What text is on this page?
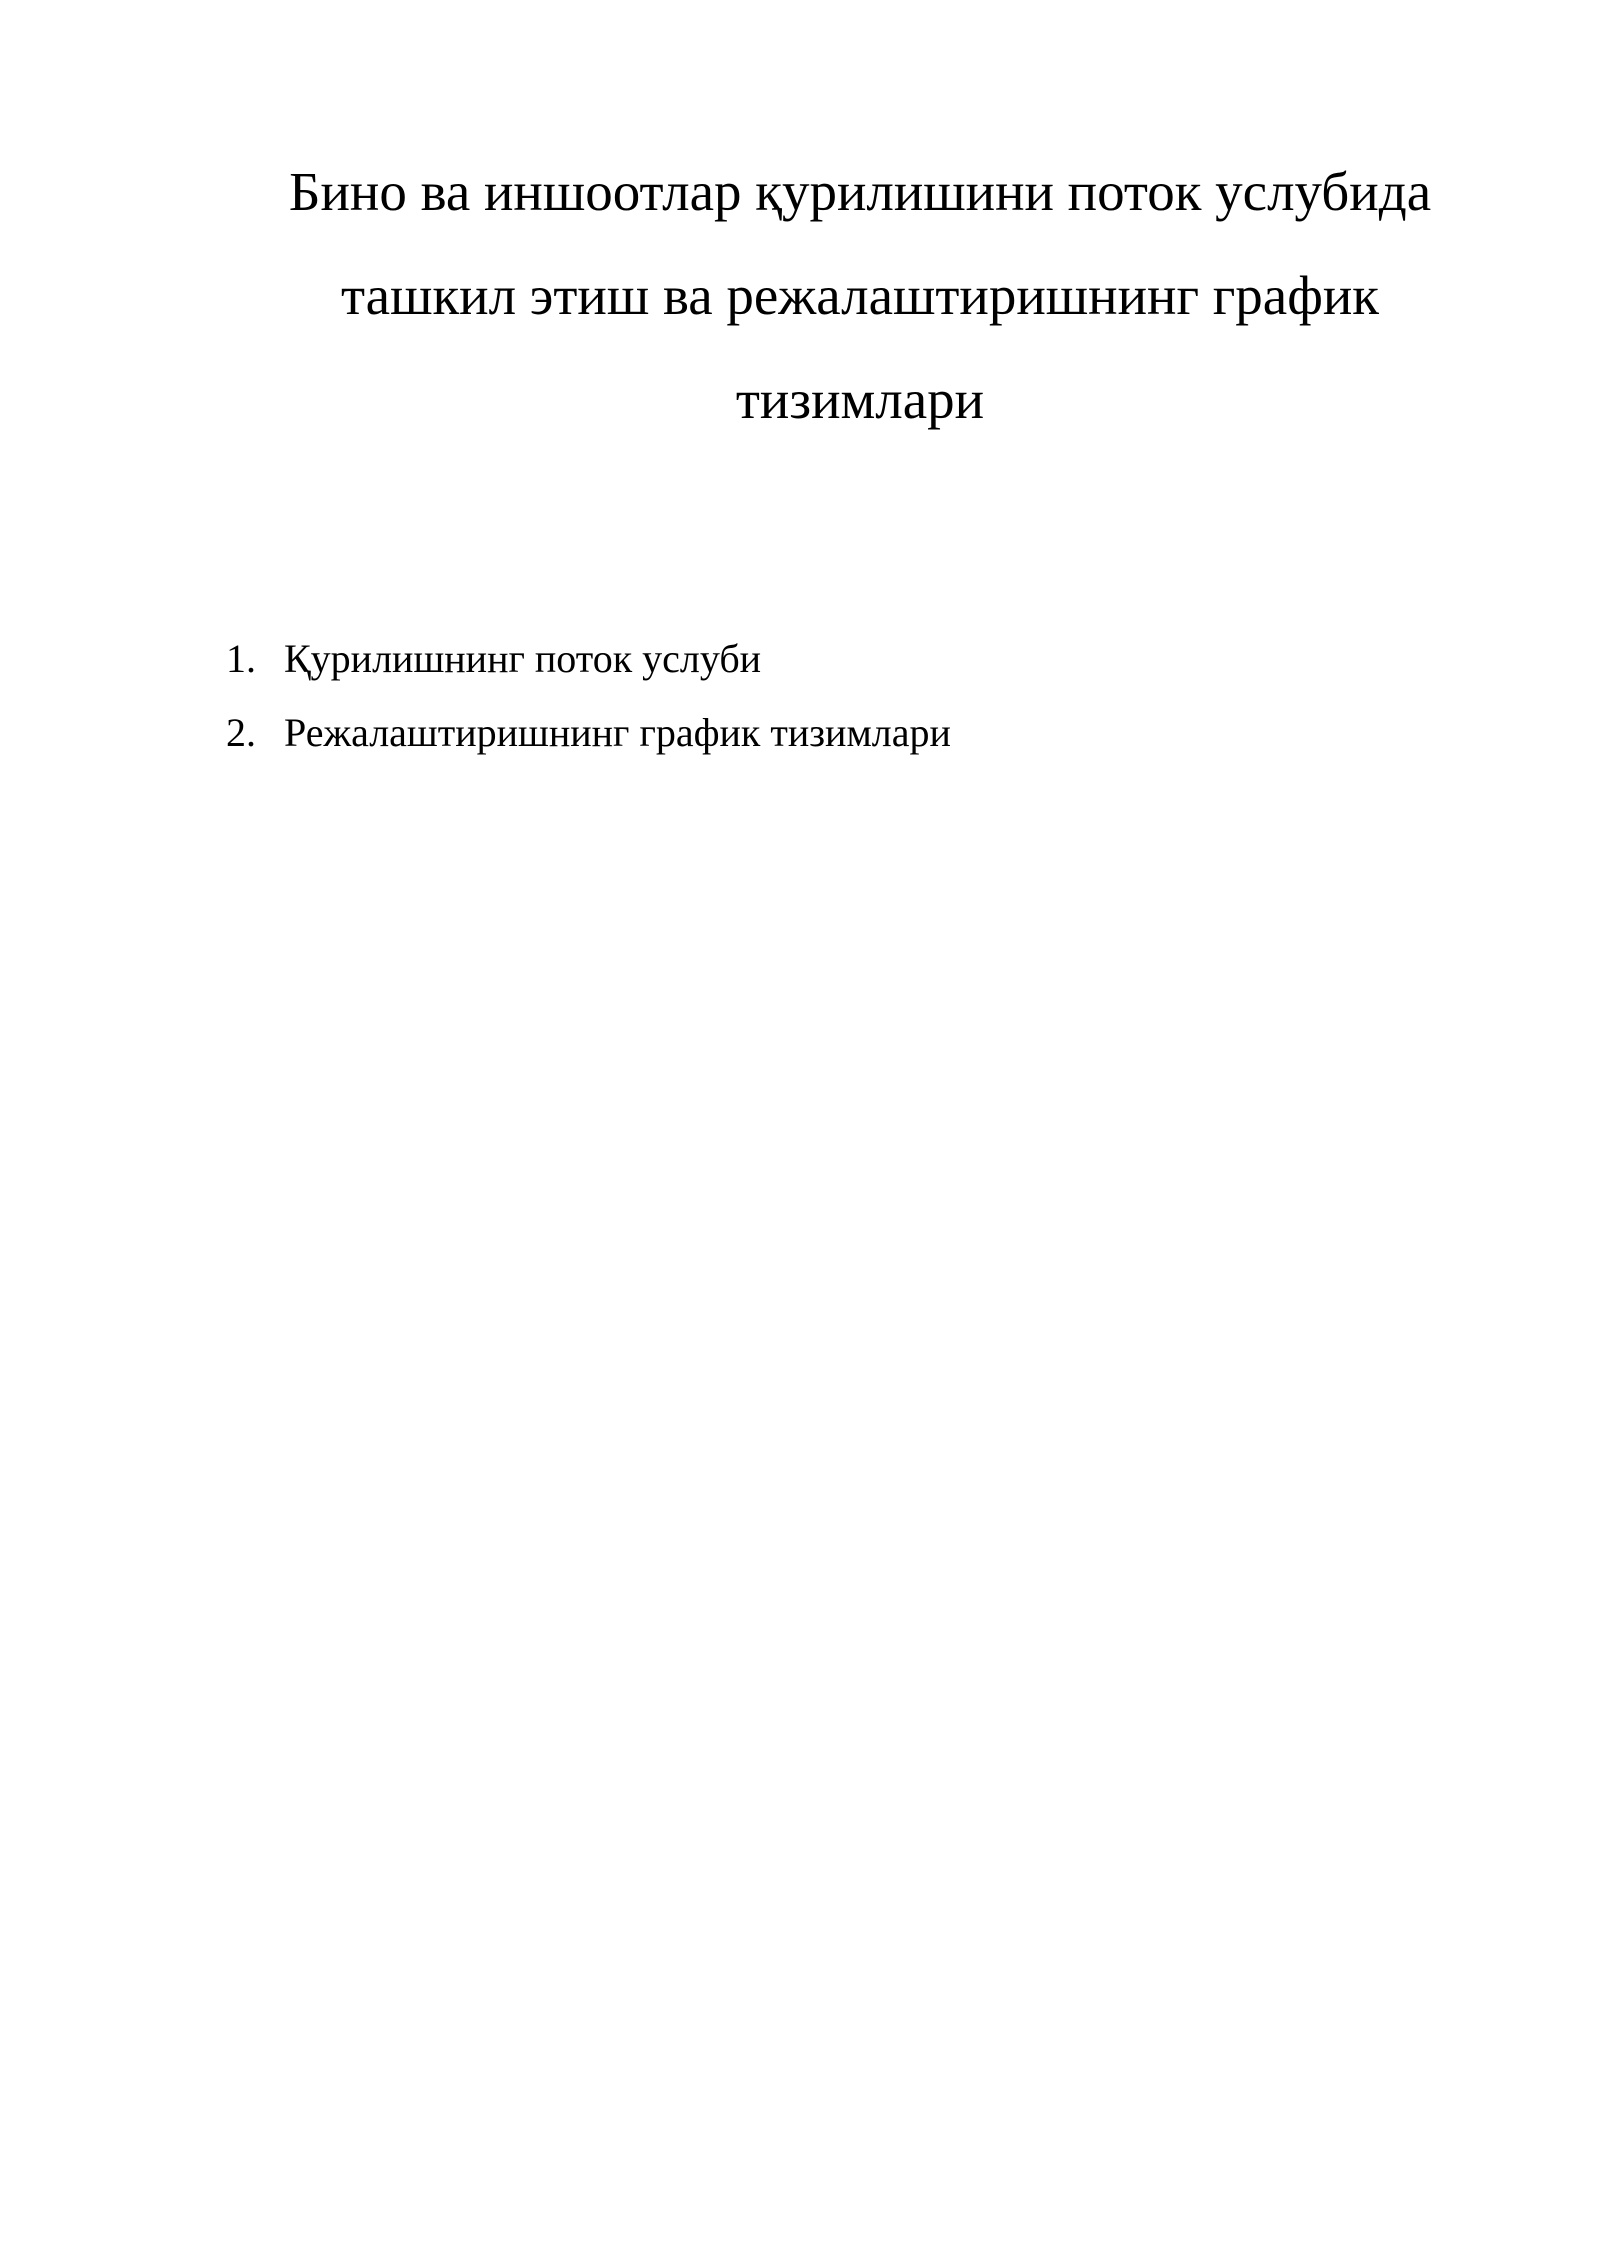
Бино ва иншоотлар қурилишини поток услубида
ташкил этиш ва режалаштиришнинг график
тизимлари
1. Қурилишнинг поток услуби
2. Режалаштиришнинг график тизимлари
